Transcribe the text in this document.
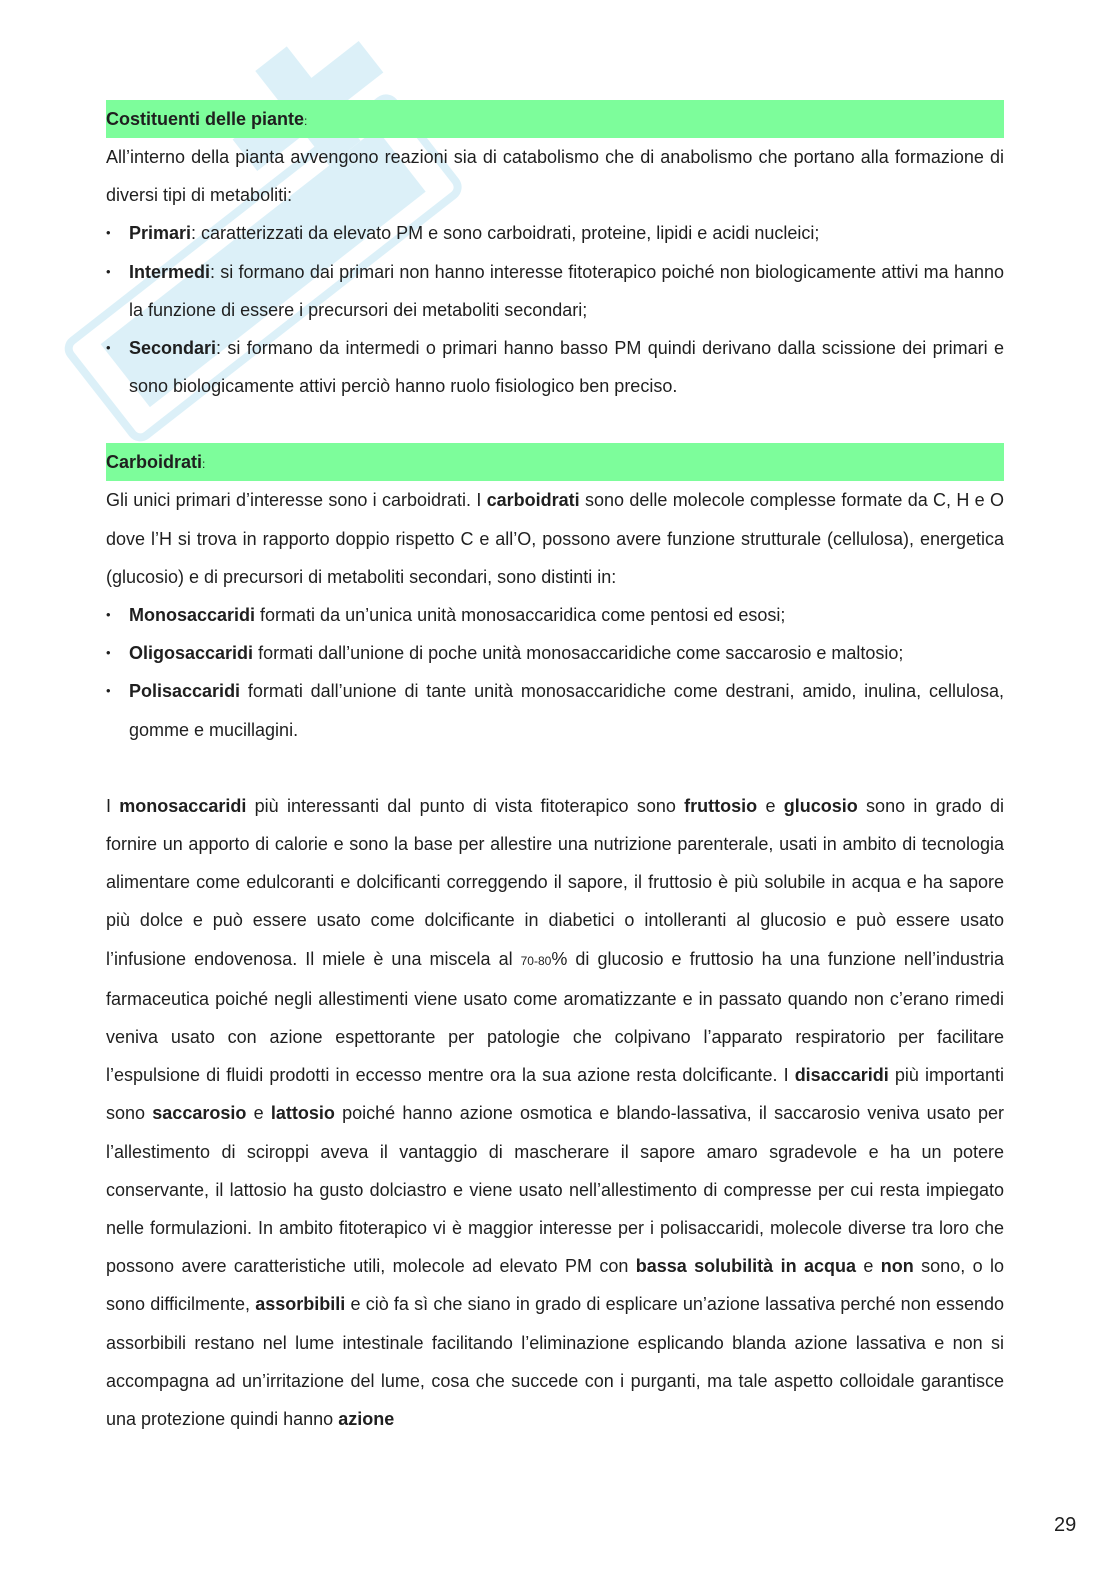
Costituenti delle piante:

All’interno della pianta avvengono reazioni sia di catabolismo che di anabolismo che portano alla formazione di diversi tipi di metaboliti:

• Primari: caratterizzati da elevato PM e sono carboidrati, proteine, lipidi e acidi nucleici;
• Intermedi: si formano dai primari non hanno interesse fitoterapico poiché non biologicamente attivi ma hanno la funzione di essere i precursori dei metaboliti secondari;
• Secondari: si formano da intermedi o primari hanno basso PM quindi derivano dalla scissione dei primari e sono biologicamente attivi perciò hanno ruolo fisiologico ben preciso.
Carboidrati:

Gli unici primari d’interesse sono i carboidrati. I carboidrati sono delle molecole complesse formate da C, H e O dove l’H si trova in rapporto doppio rispetto C e all’O, possono avere funzione strutturale (cellulosa), energetica (glucosio) e di precursori di metaboliti secondari, sono distinti in:

• Monosaccaridi formati da un’unica unità monosaccaridica come pentosi ed esosi;
• Oligosaccaridi formati dall’unione di poche unità monosaccaridiche come saccarosio e maltosio;
• Polisaccaridi formati dall’unione di tante unità monosaccaridiche come destrani, amido, inulina, cellulosa, gomme e mucillagini.

I monosaccaridi più interessanti dal punto di vista fitoterapico sono fruttosio e glucosio sono in grado di fornire un apporto di calorie e sono la base per allestire una nutrizione parenterale, usati in ambito di tecnologia alimentare come edulcoranti e dolcificanti correggendo il sapore, il fruttosio è più solubile in acqua e ha sapore più dolce e può essere usato come dolcificante in diabetici o intolleranti al glucosio e può essere usato l’infusione endovenosa. Il miele è una miscela al 70-80% di glucosio e fruttosio ha una funzione nell’industria farmaceutica poiché negli allestimenti viene usato come aromatizzante e in passato quando non c’erano rimedi veniva usato con azione espettorante per patologie che colpivano l’apparato respiratorio per facilitare l’espulsione di fluidi prodotti in eccesso mentre ora la sua azione resta dolcificante. I disaccaridi più importanti sono saccarosio e lattosio poiché hanno azione osmotica e blando-lassativa, il saccarosio veniva usato per l’allestimento di sciroppi aveva il vantaggio di mascherare il sapore amaro sgradevole e ha un potere conservante, il lattosio ha gusto dolciastro e viene usato nell’allestimento di compresse per cui resta impiegato nelle formulazioni. In ambito fitoterapico vi è maggior interesse per i polisaccaridi, molecole diverse tra loro che possono avere caratteristiche utili, molecole ad elevato PM con bassa solubilità in acqua e non sono, o lo sono difficilmente, assorbibili e ciò fa sì che siano in grado di esplicare un’azione lassativa perché non essendo assorbibili restano nel lume intestinale facilitando l’eliminazione esplicando blanda azione lassativa e non si accompagna ad un’irritazione del lume, cosa che succede con i purganti, ma tale aspetto colloidale garantisce una protezione quindi hanno azione

29
